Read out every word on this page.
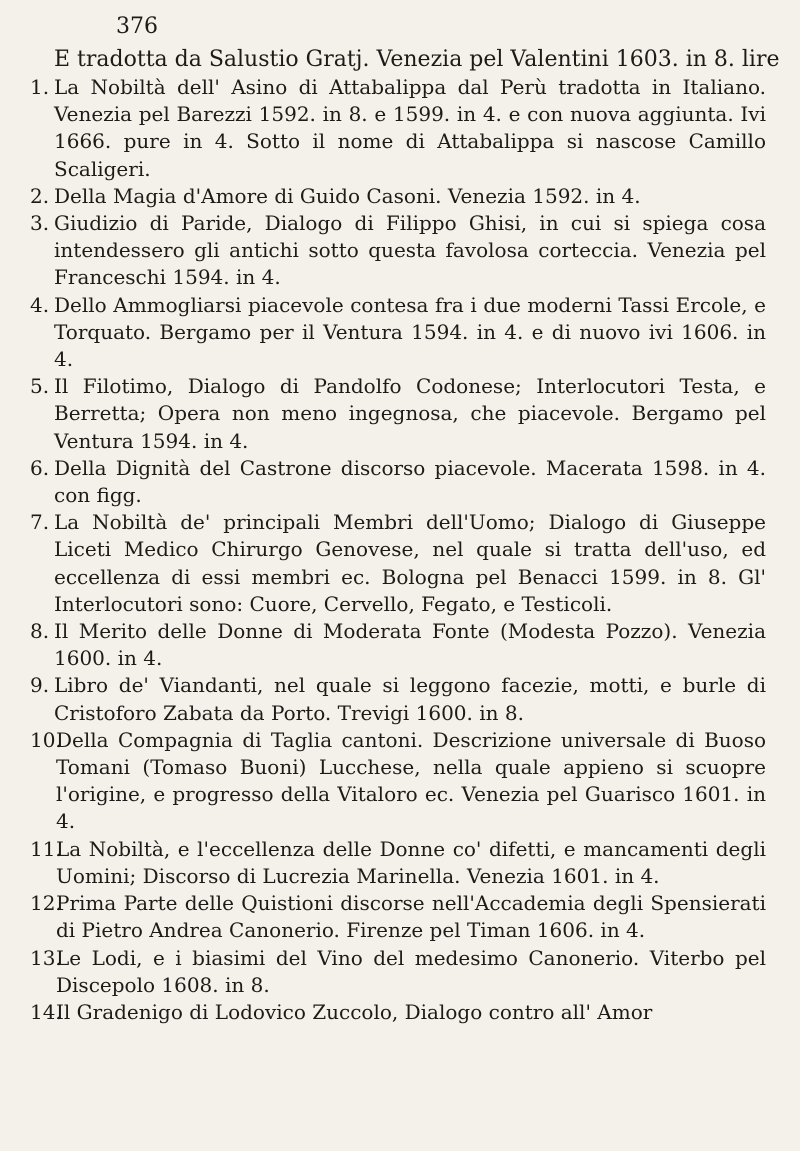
376
E tradotta da Salustio Gratj. Venezia pel Valentini 1603. in 8. lire
1. La Nobiltà dell' Asino di Attabalippa dal Perù tradotta in Italiano. Venezia pel Barezzi 1592. in 8. e 1599. in 4. e con nuova aggiunta. Ivi 1666. pure in 4. Sotto il nome di Attabalippa si nascose Camillo Scaligeri.
2. Della Magia d'Amore di Guido Casoni. Venezia 1592. in 4.
3. Giudizio di Paride, Dialogo di Filippo Ghisi, in cui si spiega cosa intendessero gli antichi sotto questa favolosa corteccia. Venezia pel Franceschi 1594. in 4.
4. Dello Ammogliarsi piacevole contesa fra i due moderni Tassi Ercole, e Torquato. Bergamo per il Ventura 1594. in 4. e di nuovo ivi 1606. in 4.
5. Il Filotimo, Dialogo di Pandolfo Codonese; Interlocutori Testa, e Berretta; Opera non meno ingegnosa, che piacevole. Bergamo pel Ventura 1594. in 4.
6. Della Dignità del Castrone discorso piacevole. Macerata 1598. in 4. con figg.
7. La Nobiltà de' principali Membri dell'Uomo; Dialogo di Giuseppe Liceti Medico Chirurgo Genovese, nel quale si tratta dell'uso, ed eccellenza di essi membri ec. Bologna pel Benacci 1599. in 8. Gl' Interlocutori sono: Cuore, Cervello, Fegato, e Testicoli.
8. Il Merito delle Donne di Moderata Fonte (Modesta Pozzo). Venezia 1600. in 4.
9. Libro de' Viandanti, nel quale si leggono facezie, motti, e burle di Cristoforo Zabata da Porto. Trevigi 1600. in 8.
10.
Della Compagnia di Taglia cantoni. Descrizione universale di Buoso Tomani (Tomaso Buoni) Lucchese, nella quale appieno si scuopre l'origine, e progresso della Vitaloro ec. Venezia pel Guarisco 1601. in 4.
11.
La Nobiltà, e l'eccellenza delle Donne co' difetti, e mancamenti degli Uomini; Discorso di Lucrezia Marinella. Venezia 1601. in 4.
12.
Prima Parte delle Quistioni discorse nell'Accademia degli Spensierati di Pietro Andrea Canonerio. Firenze pel Timan 1606. in 4.
13.
Le Lodi, e i biasimi del Vino del medesimo Canonerio. Viterbo pel Discepolo 1608. in 8.
14.
Il Gradenigo di Lodovico Zuccolo, Dialogo contro all' Amor
